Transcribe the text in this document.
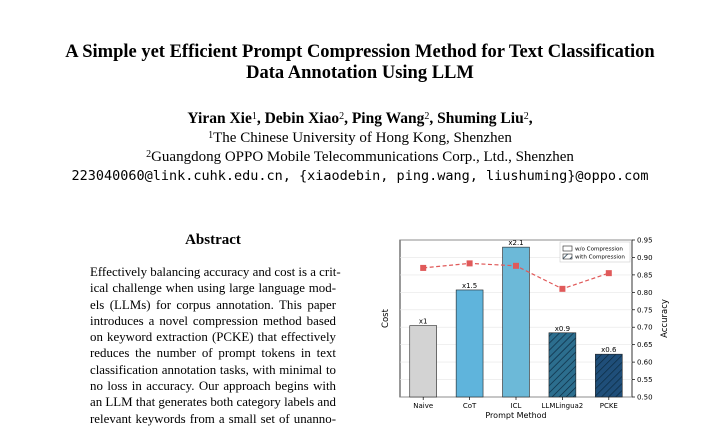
A Simple yet Efficient Prompt Compression Method for Text Classification
Data Annotation Using LLM
Yiran Xie$^1$, Debin Xiao$^2$, Ping Wang$^2$, Shuming Liu$^2$,
$^1$The Chinese University of Hong Kong, Shenzhen
$^2$Guangdong OPPO Mobile Telecommunications Corp., Ltd., Shenzhen
223040060@link.cuhk.edu.cn, {xiaodebin, ping.wang, liushuming}@oppo.com
Abstract
Effectively balancing accuracy and cost is a crit-
ical challenge when using large language mod-
els (LLMs) for corpus annotation. This paper
introduces a novel compression method based
on keyword extraction (PCKE) that effectively
reduces the number of prompt tokens in text
classification annotation tasks, with minimal to
no loss in accuracy. Our approach begins with
an LLM that generates both category labels and
relevant keywords from a small set of unanno-
0.50
0.55
0.60
0.65
0.70
0.75
0.80
0.85
0.90
0.95
x1
Naive
x1.5
CoT
x2.1
ICL
x0.9
LLMLingua2
x0.6
PCKE
Prompt Method
Cost	Accuracy
w/o Compression
with Compression
